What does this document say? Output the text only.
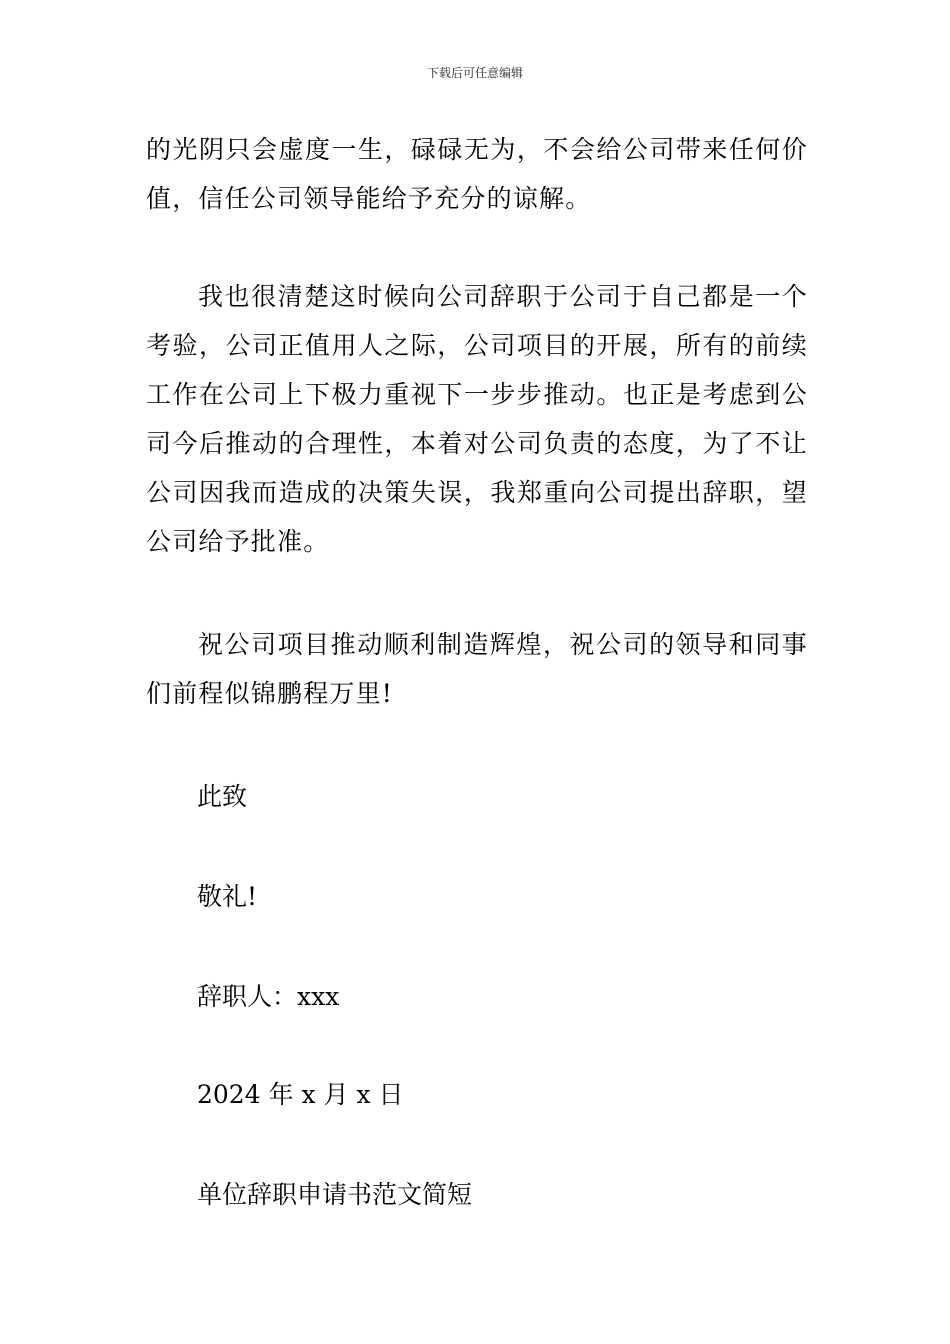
下载后可任意编辑

的光阴只会虚度一生，碌碌无为，不会给公司带来任何价值，信任公司领导能给予充分的谅解。

我也很清楚这时候向公司辞职于公司于自己都是一个考验，公司正值用人之际，公司项目的开展，所有的前续工作在公司上下极力重视下一步步推动。也正是考虑到公司今后推动的合理性，本着对公司负责的态度，为了不让公司因我而造成的决策失误，我郑重向公司提出辞职，望公司给予批准。

祝公司项目推动顺利制造辉煌，祝公司的领导和同事们前程似锦鹏程万里!

此致

敬礼!

辞职人：xxx

2024 年 x 月 x 日

单位辞职申请书范文简短
